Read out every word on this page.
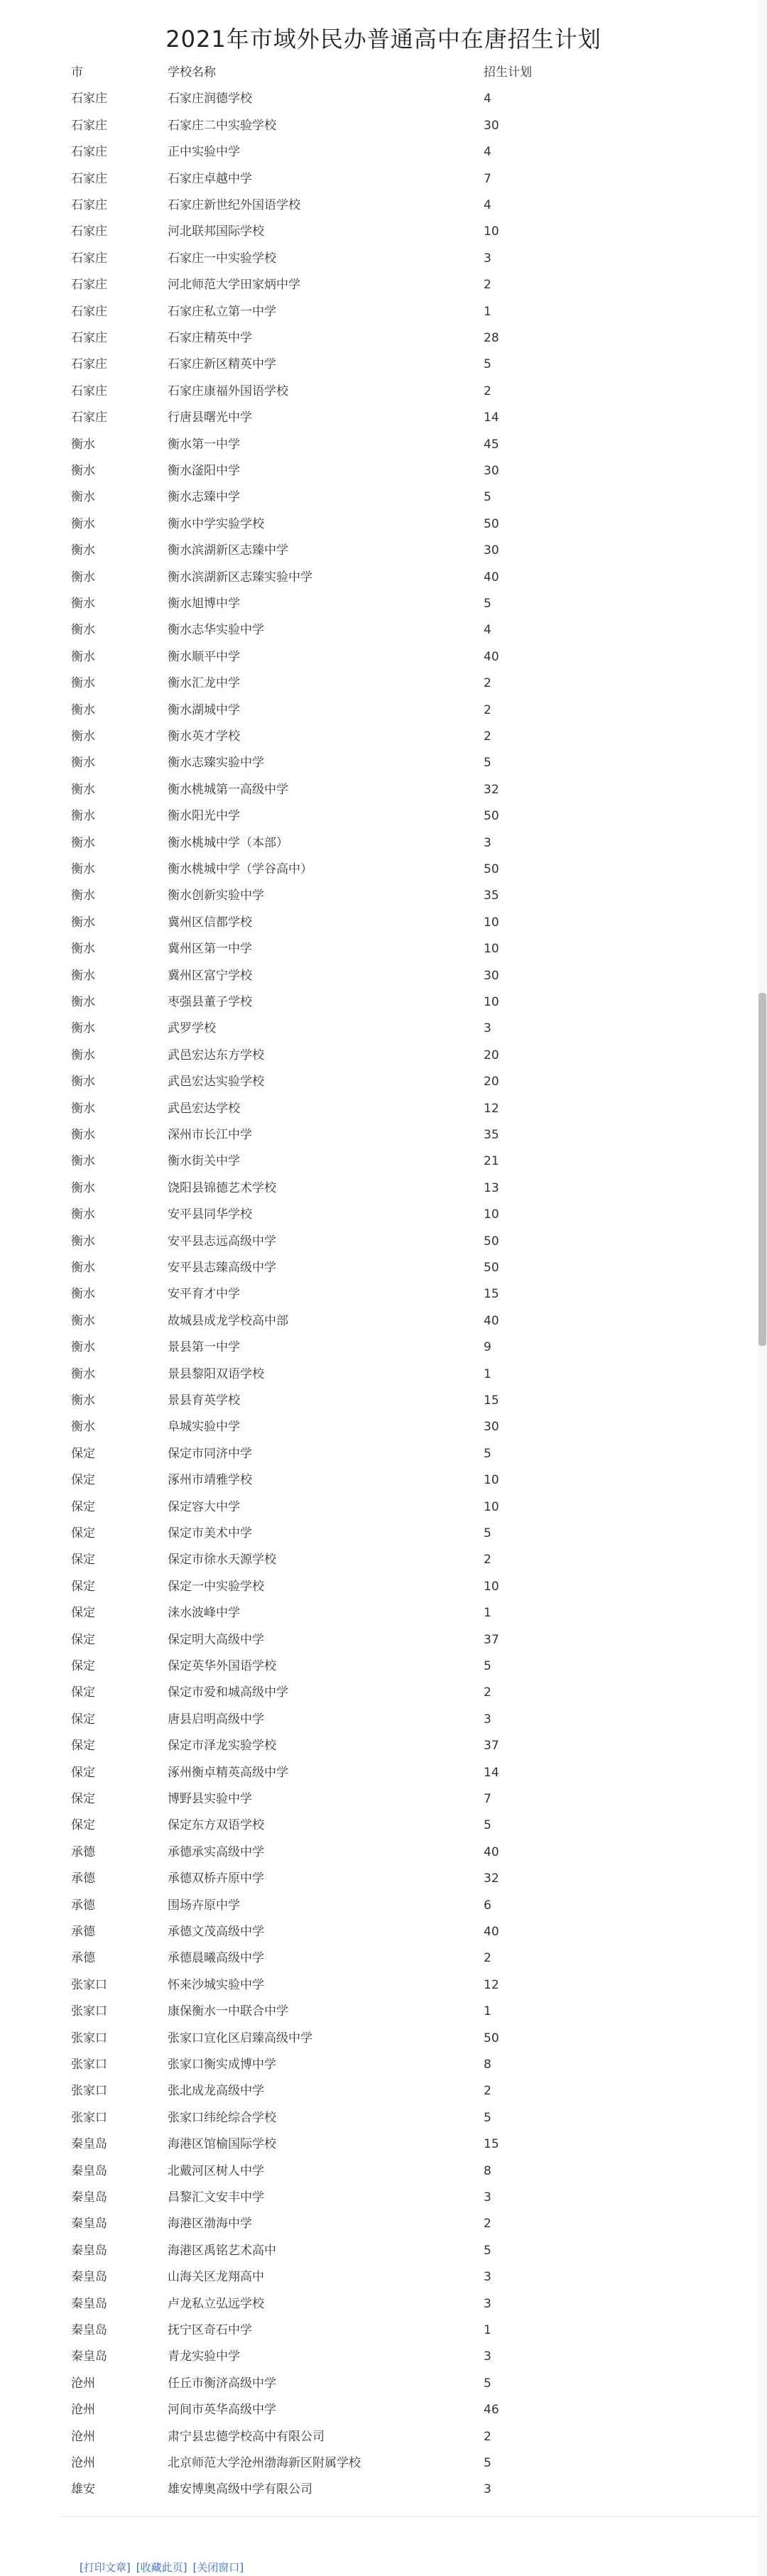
2021年市域外民办普通高中在唐招生计划
市	学校名称	招生计划
石家庄	石家庄润德学校	4
石家庄	石家庄二中实验学校	30
石家庄	正中实验中学	4
石家庄	石家庄卓越中学	7
石家庄	石家庄新世纪外国语学校	4
石家庄	河北联邦国际学校	10
石家庄	石家庄一中实验学校	3
石家庄	河北师范大学田家炳中学	2
石家庄	石家庄私立第一中学	1
石家庄	石家庄精英中学	28
石家庄	石家庄新区精英中学	5
石家庄	石家庄康福外国语学校	2
石家庄	行唐县曙光中学	14
衡水	衡水第一中学	45
衡水	衡水滏阳中学	30
衡水	衡水志臻中学	5
衡水	衡水中学实验学校	50
衡水	衡水滨湖新区志臻中学	30
衡水	衡水滨湖新区志臻实验中学	40
衡水	衡水旭博中学	5
衡水	衡水志华实验中学	4
衡水	衡水顺平中学	40
衡水	衡水汇龙中学	2
衡水	衡水湖城中学	2
衡水	衡水英才学校	2
衡水	衡水志臻实验中学	5
衡水	衡水桃城第一高级中学	32
衡水	衡水阳光中学	50
衡水	衡水桃城中学（本部）	3
衡水	衡水桃城中学（学谷高中）	50
衡水	衡水创新实验中学	35
衡水	冀州区信都学校	10
衡水	冀州区第一中学	10
衡水	冀州区富宁学校	30
衡水	枣强县董子学校	10
衡水	武罗学校	3
衡水	武邑宏达东方学校	20
衡水	武邑宏达实验学校	20
衡水	武邑宏达学校	12
衡水	深州市长江中学	35
衡水	衡水街关中学	21
衡水	饶阳县锦德艺术学校	13
衡水	安平县同华学校	10
衡水	安平县志远高级中学	50
衡水	安平县志臻高级中学	50
衡水	安平育才中学	15
衡水	故城县成龙学校高中部	40
衡水	景县第一中学	9
衡水	景县黎阳双语学校	1
衡水	景县育英学校	15
衡水	阜城实验中学	30
保定	保定市同济中学	5
保定	涿州市靖雅学校	10
保定	保定容大中学	10
保定	保定市美术中学	5
保定	保定市徐水天源学校	2
保定	保定一中实验学校	10
保定	涞水波峰中学	1
保定	保定明大高级中学	37
保定	保定英华外国语学校	5
保定	保定市爱和城高级中学	2
保定	唐县启明高级中学	3
保定	保定市泽龙实验学校	37
保定	涿州衡卓精英高级中学	14
保定	博野县实验中学	7
保定	保定东方双语学校	5
承德	承德承实高级中学	40
承德	承德双桥卉原中学	32
承德	围场卉原中学	6
承德	承德文茂高级中学	40
承德	承德晨曦高级中学	2
张家口	怀来沙城实验中学	12
张家口	康保衡水一中联合中学	1
张家口	张家口宣化区启臻高级中学	50
张家口	张家口衡实成博中学	8
张家口	张北成龙高级中学	2
张家口	张家口纬纶综合学校	5
秦皇岛	海港区馆榆国际学校	15
秦皇岛	北戴河区树人中学	8
秦皇岛	昌黎汇文安丰中学	3
秦皇岛	海港区渤海中学	2
秦皇岛	海港区禹铭艺术高中	5
秦皇岛	山海关区龙翔高中	3
秦皇岛	卢龙私立弘远学校	3
秦皇岛	抚宁区奇石中学	1
秦皇岛	青龙实验中学	3
沧州	任丘市衡济高级中学	5
沧州	河间市英华高级中学	46
沧州	肃宁县忠德学校高中有限公司	2
沧州	北京师范大学沧州渤海新区附属学校	5
雄安	雄安博奥高级中学有限公司	3
[打印文章] [收藏此页] [关闭窗口]
